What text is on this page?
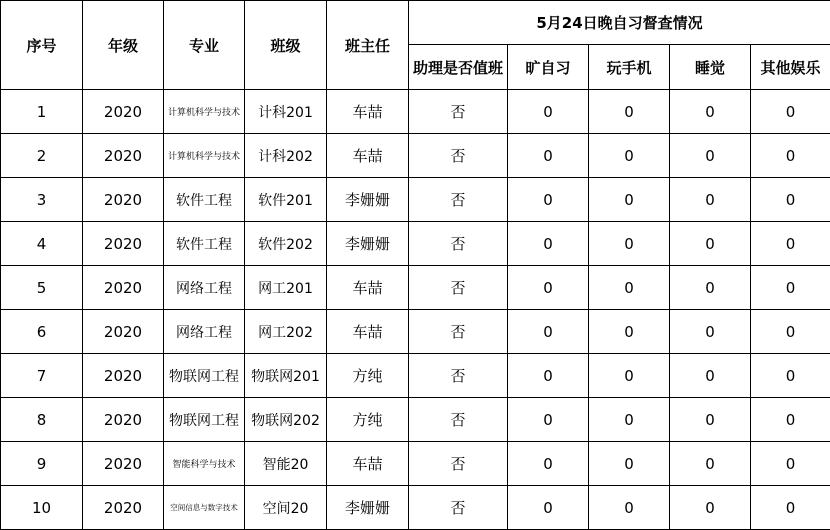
序号	年级	专业	班级	班主任	5月24日晚自习督查情况				
					助理是否值班	旷自习	玩手机	睡觉	其他娱乐
1	2020	计算机科学与技术	计科201	车喆	否	0	0	0	0
2	2020	计算机科学与技术	计科202	车喆	否	0	0	0	0
3	2020	软件工程	软件201	李姗姗	否	0	0	0	0
4	2020	软件工程	软件202	李姗姗	否	0	0	0	0
5	2020	网络工程	网工201	车喆	否	0	0	0	0
6	2020	网络工程	网工202	车喆	否	0	0	0	0
7	2020	物联网工程	物联网201	方纯	否	0	0	0	0
8	2020	物联网工程	物联网202	方纯	否	0	0	0	0
9	2020	智能科学与技术	智能20	车喆	否	0	0	0	0
10	2020	空间信息与数字技术	空间20	李姗姗	否	0	0	0	0
